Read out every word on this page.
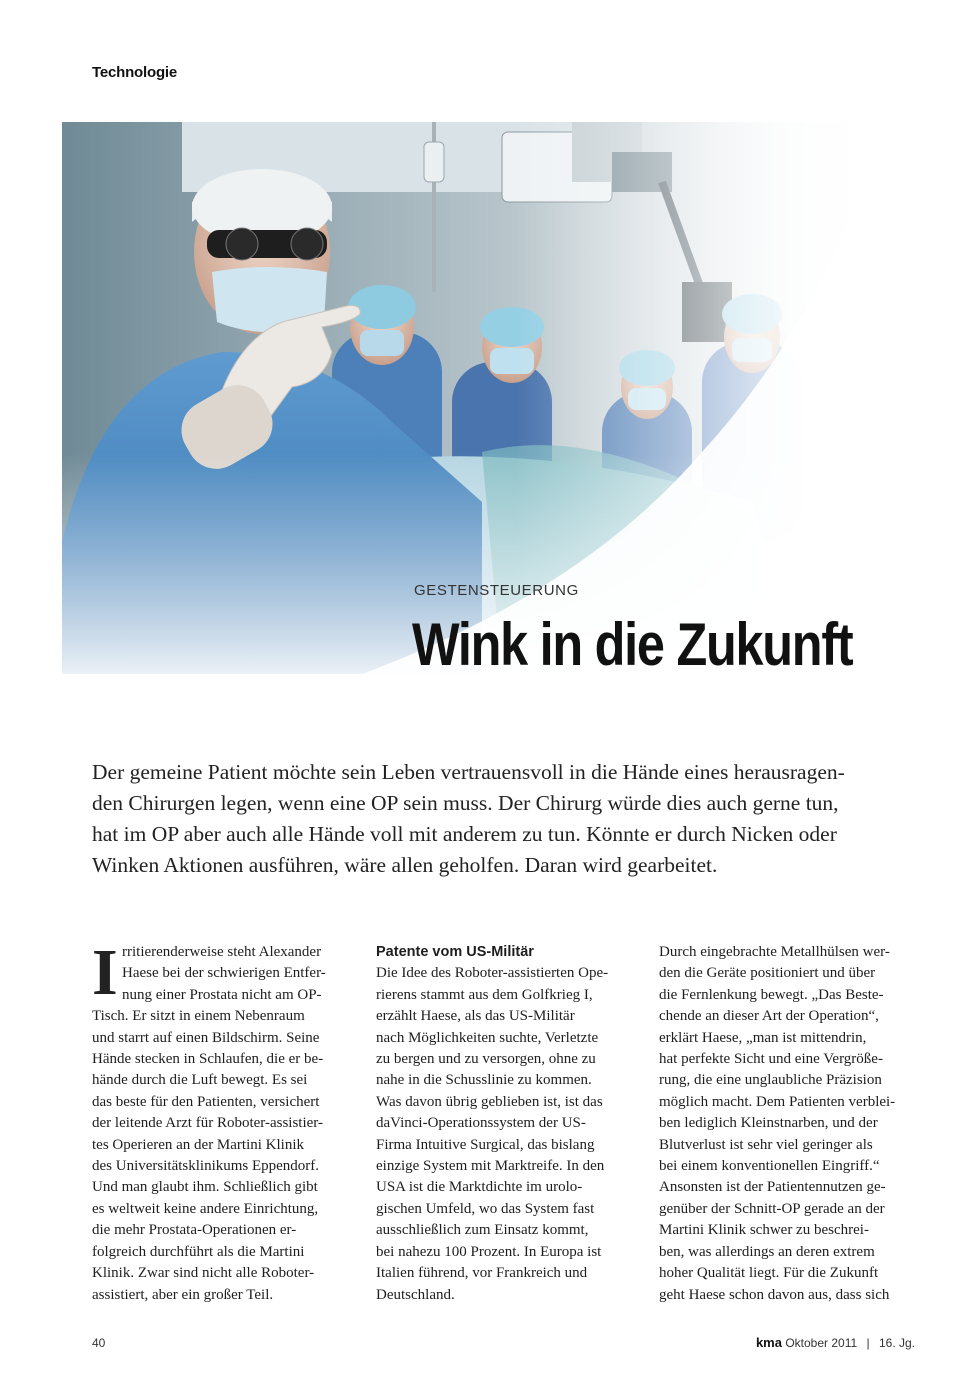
Technologie
GESTENSTEUERUNG
Wink in die Zukunft
Der gemeine Patient möchte sein Leben vertrauensvoll in die Hände eines herausragen-
den Chirurgen legen, wenn eine OP sein muss. Der Chirurg würde dies auch gerne tun,
hat im OP aber auch alle Hände voll mit anderem zu tun. Könnte er durch Nicken oder
Winken Aktionen ausführen, wäre allen geholfen. Daran wird gearbeitet.
I rritierenderweise steht Alexander
Haese bei der schwierigen Entfer-
nung einer Prostata nicht am OP-
Tisch. Er sitzt in einem Nebenraum
und starrt auf einen Bildschirm. Seine
Hände stecken in Schlaufen, die er be-
hände durch die Luft bewegt. Es sei
das beste für den Patienten, versichert
der leitende Arzt für Roboter-assistier-
tes Operieren an der Martini Klinik
des Universitätsklinikums Eppendorf.
Und man glaubt ihm. Schließlich gibt
es weltweit keine andere Einrichtung,
die mehr Prostata-Operationen er-
folgreich durchführt als die Martini
Klinik. Zwar sind nicht alle Roboter-
assistiert, aber ein großer Teil.
Patente vom US-Militär
Die Idee des Roboter-assistierten Ope-
rierens stammt aus dem Golfkrieg I,
erzählt Haese, als das US-Militär
nach Möglichkeiten suchte, Verletzte
zu bergen und zu versorgen, ohne zu
nahe in die Schusslinie zu kommen.
Was davon übrig geblieben ist, ist das
daVinci-Operationssystem der US-
Firma Intuitive Surgical, das bislang
einzige System mit Marktreife. In den
USA ist die Marktdichte im urolo-
gischen Umfeld, wo das System fast
ausschließlich zum Einsatz kommt,
bei nahezu 100 Prozent. In Europa ist
Italien führend, vor Frankreich und
Deutschland.
Durch eingebrachte Metallhülsen wer-
den die Geräte positioniert und über
die Fernlenkung bewegt. „Das Beste-
chende an dieser Art der Operation“,
erklärt Haese, „man ist mittendrin,
hat perfekte Sicht und eine Vergröße-
rung, die eine unglaubliche Präzision
möglich macht. Dem Patienten verblei-
ben lediglich Kleinstnarben, und der
Blutverlust ist sehr viel geringer als
bei einem konventionellen Eingriff.“
Ansonsten ist der Patientennutzen ge-
genüber der Schnitt-OP gerade an der
Martini Klinik schwer zu beschrei-
ben, was allerdings an deren extrem
hoher Qualität liegt. Für die Zukunft
geht Haese schon davon aus, dass sich
40	kma Oktober 2011 | 16. Jg.
